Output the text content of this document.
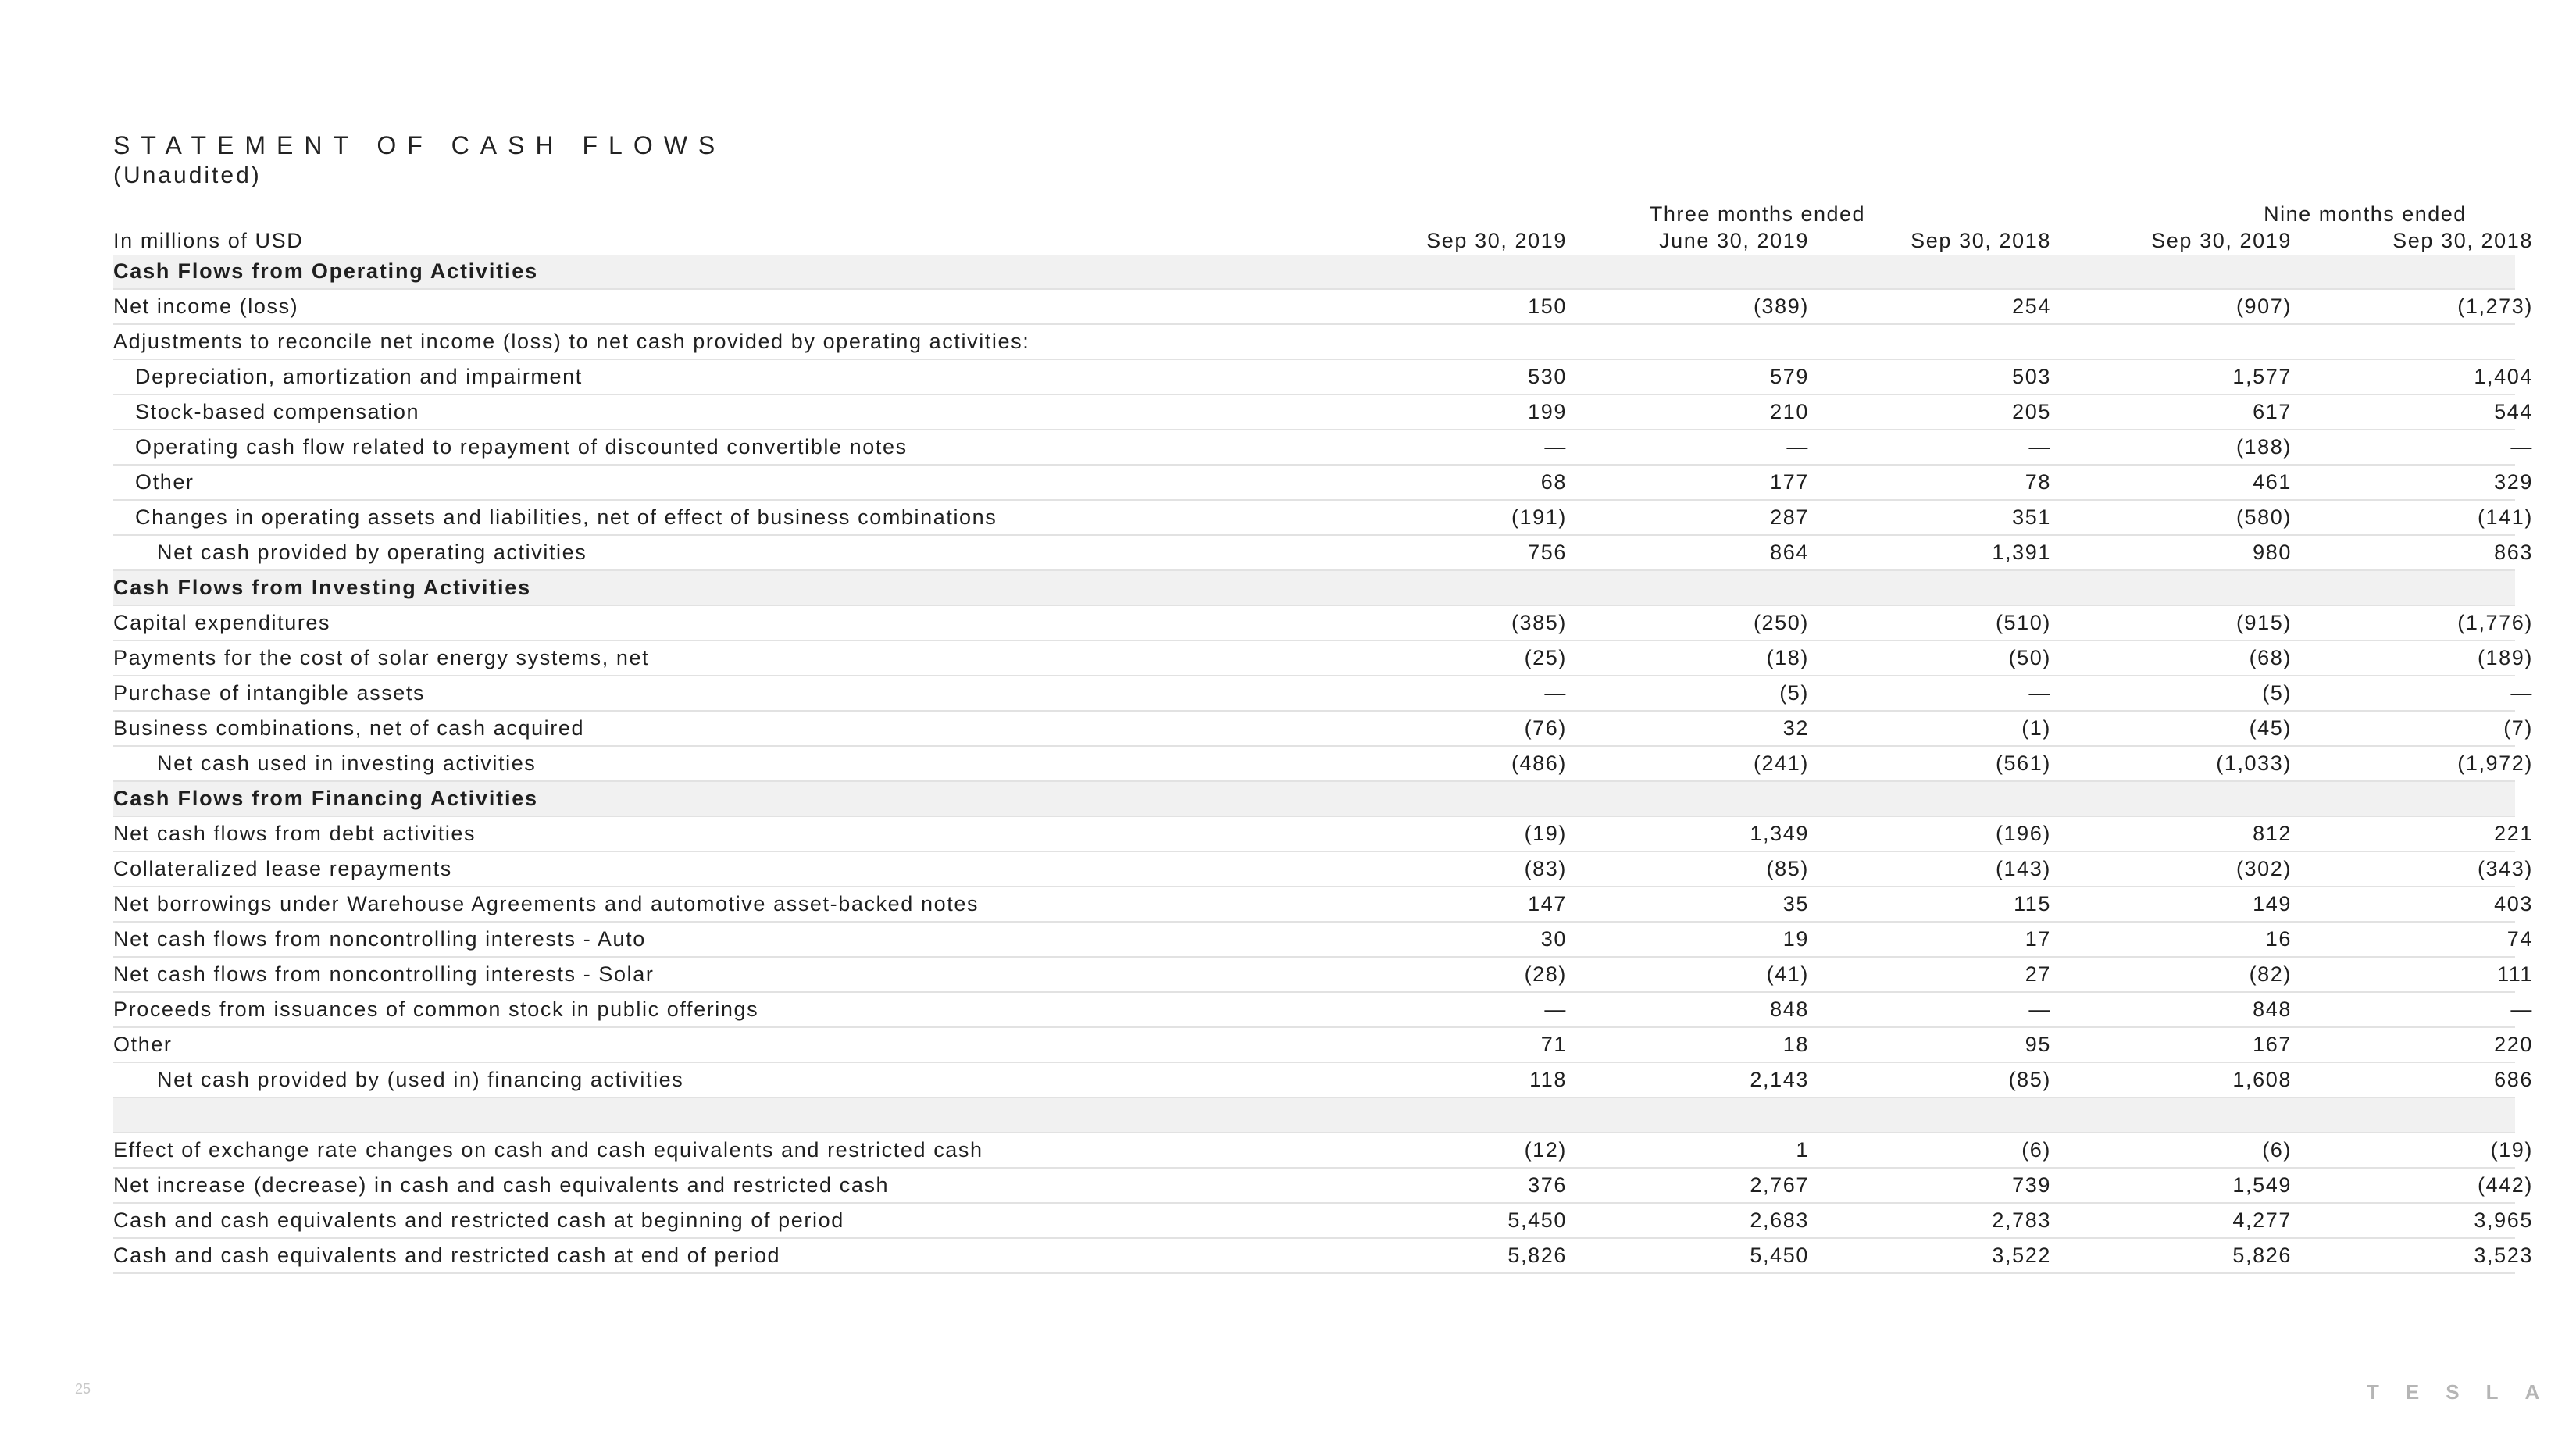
STATEMENT OF CASH FLOWS
(Unaudited)
Three months ended	Nine months ended
In millions of USD	Sep 30, 2019	June 30, 2019	Sep 30, 2018	Sep 30, 2019	Sep 30, 2018
Cash Flows from Operating Activities
Net income (loss)	150	(389)	254	(907)	(1,273)
Adjustments to reconcile net income (loss) to net cash provided by operating activities:
Depreciation, amortization and impairment	530	579	503	1,577	1,404
Stock-based compensation	199	210	205	617	544
Operating cash flow related to repayment of discounted convertible notes	—	—	—	(188)	—
Other	68	177	78	461	329
Changes in operating assets and liabilities, net of effect of business combinations	(191)	287	351	(580)	(141)
Net cash provided by operating activities	756	864	1,391	980	863
Cash Flows from Investing Activities
Capital expenditures	(385)	(250)	(510)	(915)	(1,776)
Payments for the cost of solar energy systems, net	(25)	(18)	(50)	(68)	(189)
Purchase of intangible assets	—	(5)	—	(5)	—
Business combinations, net of cash acquired	(76)	32	(1)	(45)	(7)
Net cash used in investing activities	(486)	(241)	(561)	(1,033)	(1,972)
Cash Flows from Financing Activities
Net cash flows from debt activities	(19)	1,349	(196)	812	221
Collateralized lease repayments	(83)	(85)	(143)	(302)	(343)
Net borrowings under Warehouse Agreements and automotive asset-backed notes	147	35	115	149	403
Net cash flows from noncontrolling interests - Auto	30	19	17	16	74
Net cash flows from noncontrolling interests - Solar	(28)	(41)	27	(82)	111
Proceeds from issuances of common stock in public offerings	—	848	—	848	—
Other	71	18	95	167	220
Net cash provided by (used in) financing activities	118	2,143	(85)	1,608	686
Effect of exchange rate changes on cash and cash equivalents and restricted cash	(12)	1	(6)	(6)	(19)
Net increase (decrease) in cash and cash equivalents and restricted cash	376	2,767	739	1,549	(442)
Cash and cash equivalents and restricted cash at beginning of period	5,450	2,683	2,783	4,277	3,965
Cash and cash equivalents and restricted cash at end of period	5,826	5,450	3,522	5,826	3,523
25	TESLA
